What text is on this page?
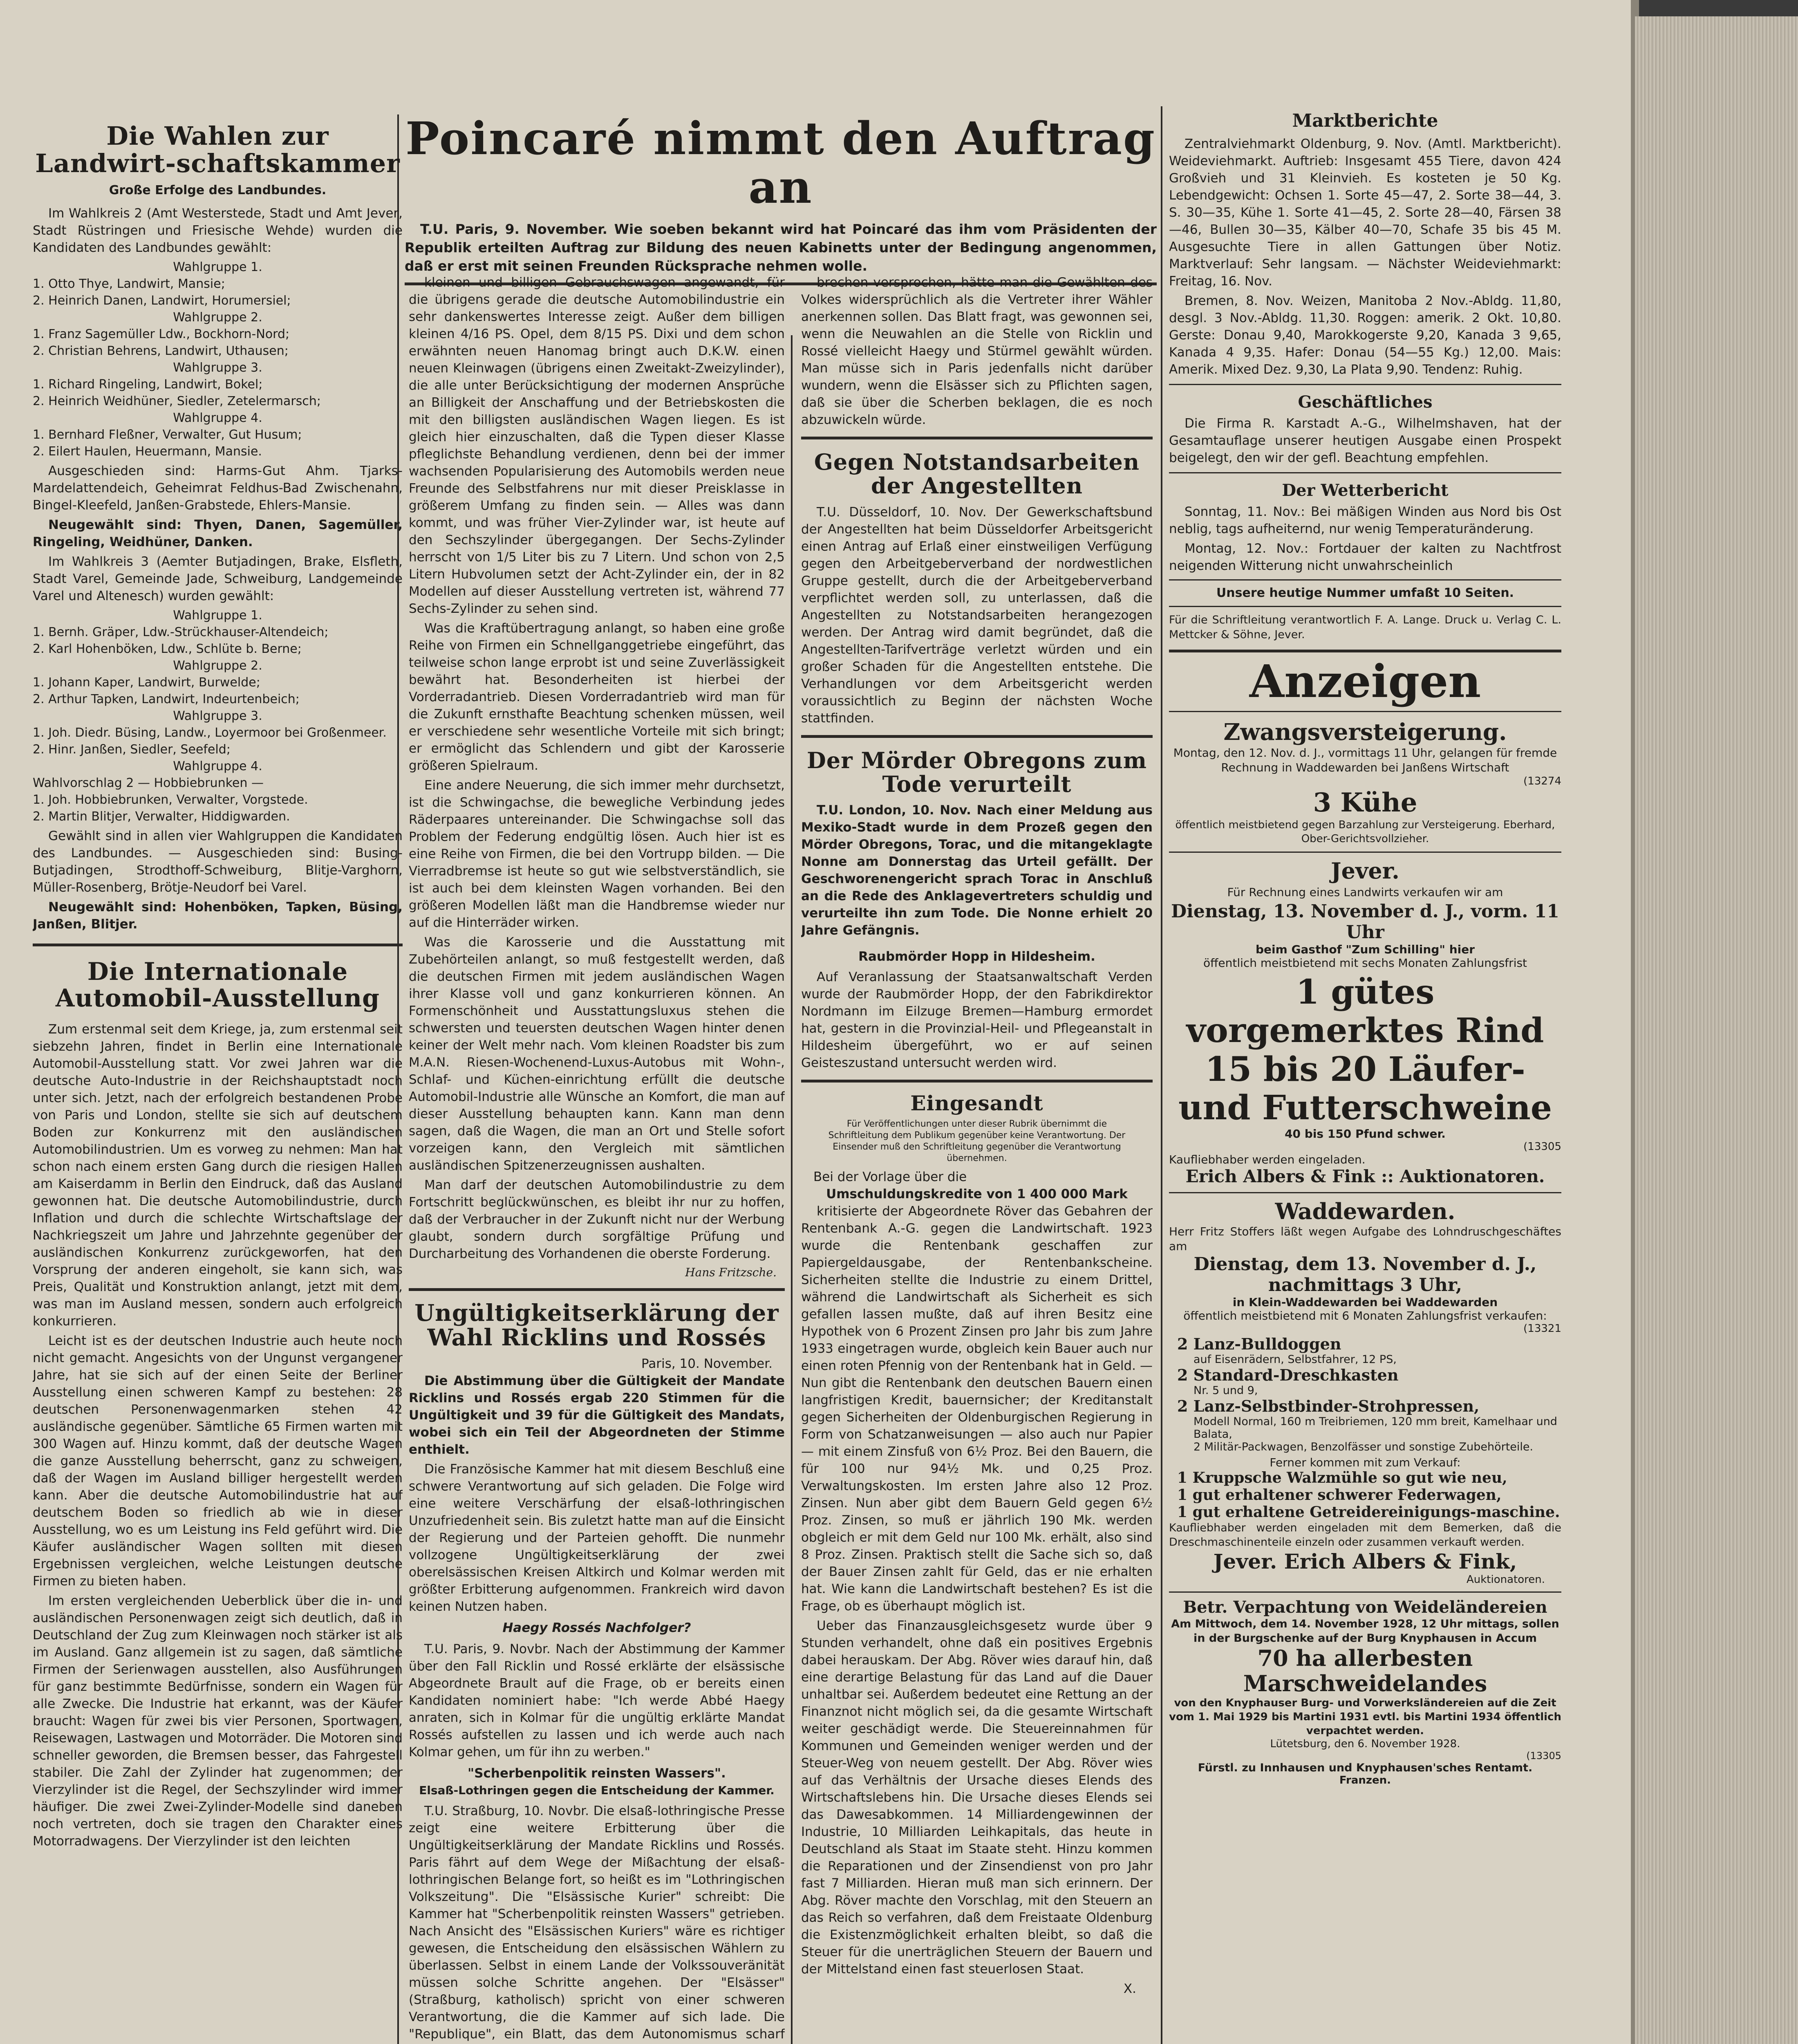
Die Wahlen zur Landwirt-schaftskammer
Große Erfolge des Landbundes.

Im Wahlkreis 2 (Amt Westerstede, Stadt und Amt Jever, Stadt Rüstringen und Friesische Wehde) wurden die Kandidaten des Landbundes gewählt:

Wahlgruppe 1.
1. Otto Thye, Landwirt, Mansie;
2. Heinrich Danen, Landwirt, Horumersiel;
Wahlgruppe 2.
1. Franz Sagemüller Ldw., Bockhorn-Nord;
2. Christian Behrens, Landwirt, Uthausen;
Wahlgruppe 3.
1. Richard Ringeling, Landwirt, Bokel;
2. Heinrich Weidhüner, Siedler, Zetelermarsch;
Wahlgruppe 4.
1. Bernhard Fleßner, Verwalter, Gut Husum;
2. Eilert Haulen, Heuermann, Mansie.

Ausgeschieden sind: Harms-Gut Ahm. Tjarks-Mardelattendeich, Geheimrat Feldhus-Bad Zwischenahn, Bingel-Kleefeld, Janßen-Grabstede, Ehlers-Mansie.

Neugewählt sind: Thyen, Danen, Sagemüller, Ringeling, Weidhüner, Danken.

Im Wahlkreis 3 (Aemter Butjadingen, Brake, Elsfleth, Stadt Varel, Gemeinde Jade, Schweiburg, Landgemeinde Varel und Altenesch) wurden gewählt:

Wahlgruppe 1.
1. Bernh. Gräper, Ldw.-Strückhauser-Altendeich;
2. Karl Hohenböken, Ldw., Schlüte b. Berne;
Wahlgruppe 2.
1. Johann Kaper, Landwirt, Burwelde;
2. Arthur Tapken, Landwirt, Indeurtenbeich;
Wahlgruppe 3.
1. Joh. Diedr. Büsing, Landw., Loyermoor bei Großenmeer.
2. Hinr. Janßen, Siedler, Seefeld;
Wahlgruppe 4.
Wahlvorschlag 2 — Hobbiebrunken —
1. Joh. Hobbiebrunken, Verwalter, Vorgstede.
2. Martin Blitjer, Verwalter, Hiddigwarden.

Gewählt sind in allen vier Wahlgruppen die Kandidaten des Landbundes. — Ausgeschieden sind: Busing-Butjadingen, Strodthoff-Schweiburg, Blitje-Varghorn, Müller-Rosenberg, Brötje-Neudorf bei Varel.

Neugewählt sind: Hohenböken, Tapken, Büsing, Janßen, Blitjer.

Die Internationale Automobil-Ausstellung

Zum erstenmal seit dem Kriege, ja, zum erstenmal seit siebzehn Jahren, findet in Berlin eine Internationale Automobil-Ausstellung statt. Vor zwei Jahren war die deutsche Auto-Industrie in der Reichshauptstadt noch unter sich. Jetzt, nach der erfolgreich bestandenen Probe von Paris und London, stellte sie sich auf deutschem Boden zur Konkurrenz mit den ausländischen Automobilindustrien. Um es vorweg zu nehmen: Man hat schon nach einem ersten Gang durch die riesigen Hallen am Kaiserdamm in Berlin den Eindruck, daß das Ausland gewonnen hat. Die deutsche Automobilindustrie, durch Inflation und durch die schlechte Wirtschaftslage der Nachkriegszeit um Jahre und Jahrzehnte gegenüber der ausländischen Konkurrenz zurückgeworfen, hat den Vorsprung der anderen eingeholt, sie kann sich, was Preis, Qualität und Konstruktion anlangt, jetzt mit dem, was man im Ausland messen, sondern auch erfolgreich konkurrieren.

Leicht ist es der deutschen Industrie auch heute noch nicht gemacht. Angesichts von der Ungunst vergangener Jahre, hat sie sich auf der einen Seite der Berliner Ausstellung einen schweren Kampf zu bestehen: 28 deutschen Personenwagenmarken stehen 42 ausländische gegenüber. Sämtliche 65 Firmen warten mit 300 Wagen auf. Hinzu kommt, daß der deutsche Wagen die ganze Ausstellung beherrscht, ganz zu schweigen, daß der Wagen im Ausland billiger hergestellt werden kann. Aber die deutsche Automobilindustrie hat auf deutschem Boden so friedlich ab wie in dieser Ausstellung, wo es um Leistung ins Feld geführt wird. Die Käufer ausländischer Wagen sollten mit diesen Ergebnissen vergleichen, welche Leistungen deutsche Firmen zu bieten haben.

Im ersten vergleichenden Ueberblick über die in- und ausländischen Personenwagen zeigt sich deutlich, daß in Deutschland der Zug zum Kleinwagen noch stärker ist als im Ausland. Ganz allgemein ist zu sagen, daß sämtliche Firmen der Serienwagen ausstellen, also Ausführungen für ganz bestimmte Bedürfnisse, sondern ein Wagen für alle Zwecke. Die Industrie hat erkannt, was der Käufer braucht: Wagen für zwei bis vier Personen, Sportwagen, Reisewagen, Lastwagen und Motorräder. Die Motoren sind schneller geworden, die Bremsen besser, das Fahrgestell stabiler. Die Zahl der Zylinder hat zugenommen; der Vierzylinder ist die Regel, der Sechszylinder wird immer häufiger. Die zwei Zwei-Zylinder-Modelle sind daneben noch vertreten, doch sie tragen den Charakter eines Motorradwagens. Der Vierzylinder ist den leichten

Poincaré nimmt den Auftrag an

T.U. Paris, 9. November. Wie soeben bekannt wird hat Poincaré das ihm vom Präsidenten der Republik erteilten Auftrag zur Bildung des neuen Kabinetts unter der Bedingung angenommen, daß er erst mit seinen Freunden Rücksprache nehmen wolle.

kleinen und billigen Gebrauchswagen angewandt, für die übrigens gerade die deutsche Automobilindustrie ein sehr dankenswertes Interesse zeigt. Außer dem billigen kleinen 4/16 PS. Opel, dem 8/15 PS. Dixi und dem schon erwähnten neuen Hanomag bringt auch D.K.W. einen neuen Kleinwagen (übrigens einen Zweitakt-Zweizylinder), die alle unter Berücksichtigung der modernen Ansprüche an Billigkeit der Anschaffung und der Betriebskosten die mit den billigsten ausländischen Wagen liegen. Es ist gleich hier einzuschalten, daß die Typen dieser Klasse pfleglichste Behandlung verdienen, denn bei der immer wachsenden Popularisierung des Automobils werden neue Freunde des Selbstfahrens nur mit dieser Preisklasse in größerem Umfang zu finden sein. — Alles was dann kommt, und was früher Vier-Zylinder war, ist heute auf den Sechszylinder übergegangen. Der Sechs-Zylinder herrscht von 1/5 Liter bis zu 7 Litern. Und schon von 2,5 Litern Hubvolumen setzt der Acht-Zylinder ein, der in 82 Modellen auf dieser Ausstellung vertreten ist, während 77 Sechs-Zylinder zu sehen sind.

Was die Kraftübertragung anlangt, so haben eine große Reihe von Firmen ein Schnellganggetriebe eingeführt, das teilweise schon lange erprobt ist und seine Zuverlässigkeit bewährt hat. Besonderheiten ist hierbei der Vorderradantrieb. Diesen Vorderradantrieb wird man für die Zukunft ernsthafte Beachtung schenken müssen, weil er verschiedene sehr wesentliche Vorteile mit sich bringt; er ermöglicht das Schlendern und gibt der Karosserie größeren Spielraum.

Eine andere Neuerung, die sich immer mehr durchsetzt, ist die Schwingachse, die bewegliche Verbindung jedes Räderpaares untereinander. Die Schwingachse soll das Problem der Federung endgültig lösen. Auch hier ist es eine Reihe von Firmen, die bei den Vortrupp bilden. — Die Vierradbremse ist heute so gut wie selbstverständlich, sie ist auch bei dem kleinsten Wagen vorhanden. Bei den größeren Modellen läßt man die Handbremse wieder nur auf die Hinterräder wirken.

Was die Karosserie und die Ausstattung mit Zubehörteilen anlangt, so muß festgestellt werden, daß die deutschen Firmen mit jedem ausländischen Wagen ihrer Klasse voll und ganz konkurrieren können. An Formenschönheit und Ausstattungsluxus stehen die schwersten und teuersten deutschen Wagen hinter denen keiner der Welt mehr nach. Vom kleinen Roadster bis zum M.A.N. Riesen-Wochenend-Luxus-Autobus mit Wohn-, Schlaf- und Küchen-einrichtung erfüllt die deutsche Automobil-Industrie alle Wünsche an Komfort, die man auf dieser Ausstellung behaupten kann. Kann man denn sagen, daß die Wagen, die man an Ort und Stelle sofort vorzeigen kann, den Vergleich mit sämtlichen ausländischen Spitzenerzeugnissen aushalten.

Man darf der deutschen Automobilindustrie zu dem Fortschritt beglückwünschen, es bleibt ihr nur zu hoffen, daß der Verbraucher in der Zukunft nicht nur der Werbung glaubt, sondern durch sorgfältige Prüfung und Durcharbeitung des Vorhandenen die oberste Forderung.

Hans Fritzsche.
Ungültigkeitserklärung der Wahl Ricklins und Rossés
Paris, 10. November.

Die Abstimmung über die Gültigkeit der Mandate Ricklins und Rossés ergab 220 Stimmen für die Ungültigkeit und 39 für die Gültigkeit des Mandats, wobei sich ein Teil der Abgeordneten der Stimme enthielt.

Die Französische Kammer hat mit diesem Beschluß eine schwere Verantwortung auf sich geladen. Die Folge wird eine weitere Verschärfung der elsaß-lothringischen Unzufriedenheit sein. Bis zuletzt hatte man auf die Einsicht der Regierung und der Parteien gehofft. Die nunmehr vollzogene Ungültigkeitserklärung der zwei oberelsässischen Kreisen Altkirch und Kolmar werden mit größter Erbitterung aufgenommen. Frankreich wird davon keinen Nutzen haben.

Haegy Rossés Nachfolger?

T.U. Paris, 9. Novbr. Nach der Abstimmung der Kammer über den Fall Ricklin und Rossé erklärte der elsässische Abgeordnete Brault auf die Frage, ob er bereits einen Kandidaten nominiert habe: "Ich werde Abbé Haegy anraten, sich in Kolmar für die ungültig erklärte Mandat Rossés aufstellen zu lassen und ich werde auch nach Kolmar gehen, um für ihn zu werben."

"Scherbenpolitik reinsten Wassers".
Elsaß-Lothringen gegen die Entscheidung der Kammer.

T.U. Straßburg, 10. Novbr. Die elsaß-lothringische Presse zeigt eine weitere Erbitterung über die Ungültigkeitserklärung der Mandate Ricklins und Rossés. Paris fährt auf dem Wege der Mißachtung der elsaß-lothringischen Belange fort, so heißt es im "Lothringischen Volkszeitung". Die "Elsässische Kurier" schreibt: Die Kammer hat "Scherbenpolitik reinsten Wassers" getrieben. Nach Ansicht des "Elsässischen Kuriers" wäre es richtiger gewesen, die Entscheidung den elsässischen Wählern zu überlassen. Selbst in einem Lande der Volkssouveränität müssen solche Schritte angehen. Der "Elsässer" (Straßburg, katholisch) spricht von einer schweren Verantwortung, die die Kammer auf sich lade. Die "Republique", ein Blatt, das dem Autonomismus scharf

brechen versprochen, hätte man die Gewählten des Volkes widersprüchlich als die Vertreter ihrer Wähler anerkennen sollen. Das Blatt fragt, was gewonnen sei, wenn die Neuwahlen an die Stelle von Ricklin und Rossé vielleicht Haegy und Stürmel gewählt würden. Man müsse sich in Paris jedenfalls nicht darüber wundern, wenn die Elsässer sich zu Pflichten sagen, daß sie über die Scherben beklagen, die es noch abzuwickeln würde.

Gegen Notstandsarbeiten der Angestellten

T.U. Düsseldorf, 10. Nov. Der Gewerkschaftsbund der Angestellten hat beim Düsseldorfer Arbeitsgericht einen Antrag auf Erlaß einer einstweiligen Verfügung gegen den Arbeitgeberverband der nordwestlichen Gruppe gestellt, durch die der Arbeitgeberverband verpflichtet werden soll, zu unterlassen, daß die Angestellten zu Notstandsarbeiten herangezogen werden. Der Antrag wird damit begründet, daß die Angestellten-Tarifverträge verletzt würden und ein großer Schaden für die Angestellten entstehe. Die Verhandlungen vor dem Arbeitsgericht werden voraussichtlich zu Beginn der nächsten Woche stattfinden.

Der Mörder Obregons zum Tode verurteilt

T.U. London, 10. Nov. Nach einer Meldung aus Mexiko-Stadt wurde in dem Prozeß gegen den Mörder Obregons, Torac, und die mitangeklagte Nonne am Donnerstag das Urteil gefällt. Der Geschworenengericht sprach Torac in Anschluß an die Rede des Anklagevertreters schuldig und verurteilte ihn zum Tode. Die Nonne erhielt 20 Jahre Gefängnis.

Raubmörder Hopp in Hildesheim.

Auf Veranlassung der Staatsanwaltschaft Verden wurde der Raubmörder Hopp, der den Fabrikdirektor Nordmann im Eilzuge Bremen—Hamburg ermordet hat, gestern in die Provinzial-Heil- und Pflegeanstalt in Hildesheim übergeführt, wo er auf seinen Geisteszustand untersucht werden wird.

Eingesandt
Für Veröffentlichungen unter dieser Rubrik übernimmt die Schriftleitung dem Publikum gegenüber keine Verantwortung. Der Einsender muß den Schriftleitung gegenüber die Verantwortung übernehmen.
Bei der Vorlage über die
Umschuldungskredite von 1 400 000 Mark

kritisierte der Abgeordnete Röver das Gebahren der Rentenbank A.-G. gegen die Landwirtschaft. 1923 wurde die Rentenbank geschaffen zur Papiergeldausgabe, der Rentenbankscheine. Sicherheiten stellte die Industrie zu einem Drittel, während die Landwirtschaft als Sicherheit es sich gefallen lassen mußte, daß auf ihren Besitz eine Hypothek von 6 Prozent Zinsen pro Jahr bis zum Jahre 1933 eingetragen wurde, obgleich kein Bauer auch nur einen roten Pfennig von der Rentenbank hat in Geld. — Nun gibt die Rentenbank den deutschen Bauern einen langfristigen Kredit, bauernsicher; der Kreditanstalt gegen Sicherheiten der Oldenburgischen Regierung in Form von Schatzanweisungen — also auch nur Papier — mit einem Zinsfuß von 6½ Proz. Bei den Bauern, die für 100 nur 94½ Mk. und 0,25 Proz. Verwaltungskosten. Im ersten Jahre also 12 Proz. Zinsen. Nun aber gibt dem Bauern Geld gegen 6½ Proz. Zinsen, so muß er jährlich 190 Mk. werden obgleich er mit dem Geld nur 100 Mk. erhält, also sind 8 Proz. Zinsen. Praktisch stellt die Sache sich so, daß der Bauer Zinsen zahlt für Geld, das er nie erhalten hat. Wie kann die Landwirtschaft bestehen? Es ist die Frage, ob es überhaupt möglich ist.

Ueber das Finanzausgleichsgesetz wurde über 9 Stunden verhandelt, ohne daß ein positives Ergebnis dabei herauskam. Der Abg. Röver wies darauf hin, daß eine derartige Belastung für das Land auf die Dauer unhaltbar sei. Außerdem bedeutet eine Rettung an der Finanznot nicht möglich sei, da die gesamte Wirtschaft weiter geschädigt werde. Die Steuereinnahmen für Kommunen und Gemeinden weniger werden und der Steuer-Weg von neuem gestellt. Der Abg. Röver wies auf das Verhältnis der Ursache dieses Elends des Wirtschaftslebens hin. Die Ursache dieses Elends sei das Dawesabkommen. 14 Milliardengewinnen der Industrie, 10 Milliarden Leihkapitals, das heute in Deutschland als Staat im Staate steht. Hinzu kommen die Reparationen und der Zinsendienst von pro Jahr fast 7 Milliarden. Hieran muß man sich erinnern. Der Abg. Röver machte den Vorschlag, mit den Steuern an das Reich so verfahren, daß dem Freistaate Oldenburg die Existenzmöglichkeit erhalten bleibt, so daß die Steuer für die unerträglichen Steuern der Bauern und der Mittelstand einen fast steuerlosen Staat.

X.
Marktberichte

Zentralviehmarkt Oldenburg, 9. Nov. (Amtl. Marktbericht). Weideviehmarkt. Auftrieb: Insgesamt 455 Tiere, davon 424 Großvieh und 31 Kleinvieh. Es kosteten je 50 Kg. Lebendgewicht: Ochsen 1. Sorte 45—47, 2. Sorte 38—44, 3. S. 30—35, Kühe 1. Sorte 41—45, 2. Sorte 28—40, Färsen 38—46, Bullen 30—35, Kälber 40—70, Schafe 35 bis 45 M. Ausgesuchte Tiere in allen Gattungen über Notiz. Marktverlauf: Sehr langsam. — Nächster Weideviehmarkt: Freitag, 16. Nov.

Bremen, 8. Nov. Weizen, Manitoba 2 Nov.-Abldg. 11,80, desgl. 3 Nov.-Abldg. 11,30. Roggen: amerik. 2 Okt. 10,80. Gerste: Donau 9,40, Marokkogerste 9,20, Kanada 3 9,65, Kanada 4 9,35. Hafer: Donau (54—55 Kg.) 12,00. Mais: Amerik. Mixed Dez. 9,30, La Plata 9,90. Tendenz: Ruhig.

Geschäftliches

Die Firma R. Karstadt A.-G., Wilhelmshaven, hat der Gesamtauflage unserer heutigen Ausgabe einen Prospekt beigelegt, den wir der gefl. Beachtung empfehlen.

Der Wetterbericht

Sonntag, 11. Nov.: Bei mäßigen Winden aus Nord bis Ost neblig, tags aufheiternd, nur wenig Temperaturänderung.

Montag, 12. Nov.: Fortdauer der kalten zu Nachtfrost neigenden Witterung nicht unwahrscheinlich

Unsere heutige Nummer umfaßt 10 Seiten.
Für die Schriftleitung verantwortlich F. A. Lange. Druck u. Verlag C. L. Mettcker & Söhne, Jever.
Anzeigen
Zwangsversteigerung.
Montag, den 12. Nov. d. J., vormittags 11 Uhr, gelangen für fremde Rechnung in Waddewarden bei Janßens Wirtschaft
(13274
3 Kühe
öffentlich meistbietend gegen Barzahlung zur Versteigerung. Eberhard, Ober-Gerichtsvollzieher.
Jever.
Für Rechnung eines Landwirts verkaufen wir am
Dienstag, 13. November d. J., vorm. 11 Uhr
beim Gasthof "Zum Schilling" hier
öffentlich meistbietend mit sechs Monaten Zahlungsfrist
1 gütes vorgemerktes Rind
15 bis 20 Läufer-
und Futterschweine
40 bis 150 Pfund schwer.
(13305
Kaufliebhaber werden eingeladen.
Erich Albers & Fink :: Auktionatoren.
Waddewarden.
Herr Fritz Stoffers läßt wegen Aufgabe des Lohndruschgeschäftes am
Dienstag, dem 13. November d. J.,
nachmittags 3 Uhr,
in Klein-Waddewarden bei Waddewarden
öffentlich meistbietend mit 6 Monaten Zahlungsfrist verkaufen:
(13321
2 Lanz-Bulldoggen
auf Eisenrädern, Selbstfahrer, 12 PS,
2 Standard-Dreschkasten
Nr. 5 und 9,
2 Lanz-Selbstbinder-Strohpressen,
Modell Normal, 160 m Treibriemen, 120 mm breit, Kamelhaar und Balata,
2 Militär-Packwagen, Benzolfässer und sonstige Zubehörteile.
Ferner kommen mit zum Verkauf:
1 Kruppsche Walzmühle so gut wie neu,
1 gut erhaltener schwerer Federwagen,
1 gut erhaltene Getreidereinigungs-maschine.
Kaufliebhaber werden eingeladen mit dem Bemerken, daß die Dreschmaschinenteile einzeln oder zusammen verkauft werden.
Jever. Erich Albers & Fink,
Auktionatoren.
Betr. Verpachtung von Weideländereien
Am Mittwoch, dem 14. November 1928, 12 Uhr mittags, sollen in der Burgschenke auf der Burg Knyphausen in Accum
70 ha allerbesten Marschweidelandes
von den Knyphauser Burg- und Vorwerksländereien auf die Zeit vom 1. Mai 1929 bis Martini 1931 evtl. bis Martini 1934 öffentlich verpachtet werden.
Lütetsburg, den 6. November 1928.
(13305
Fürstl. zu Innhausen und Knyphausen'sches Rentamt.
Franzen.
